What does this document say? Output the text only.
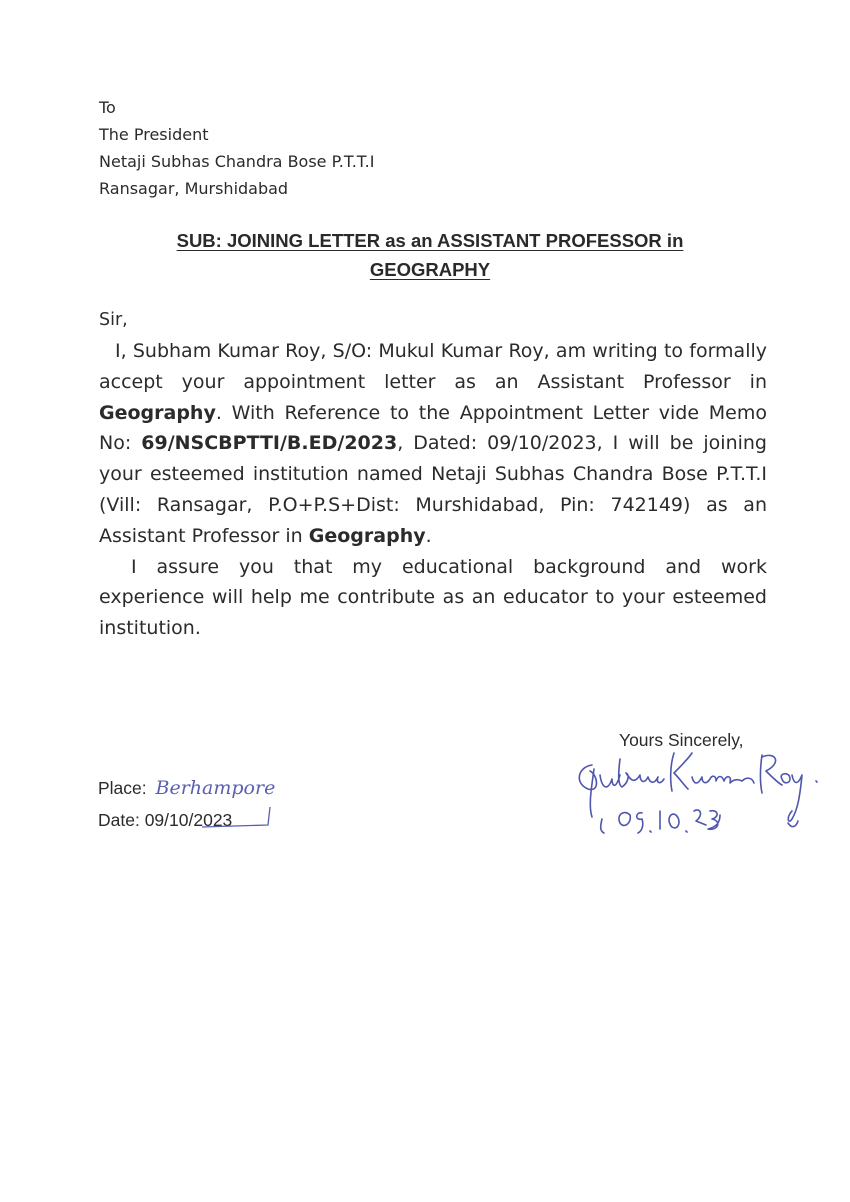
To
The President
Netaji Subhas Chandra Bose P.T.T.I
Ransagar, Murshidabad
SUB: JOINING LETTER as an ASSISTANT PROFESSOR in
GEOGRAPHY
Sir,

I, Subham Kumar Roy, S/O: Mukul Kumar Roy, am writing to formally accept your appointment letter as an Assistant Professor in Geography. With Reference to the Appointment Letter vide Memo No: 69/NSCBPTTI/B.ED/2023, Dated: 09/10/2023, I will be joining your esteemed institution named Netaji Subhas Chandra Bose P.T.T.I (Vill: Ransagar, P.O+P.S+Dist: Murshidabad, Pin: 742149) as an Assistant Professor in Geography.

I assure you that my educational background and work experience will help me contribute as an educator to your esteemed institution.

Yours Sincerely,
Place: Berhampore
Date: 09/10/2023
